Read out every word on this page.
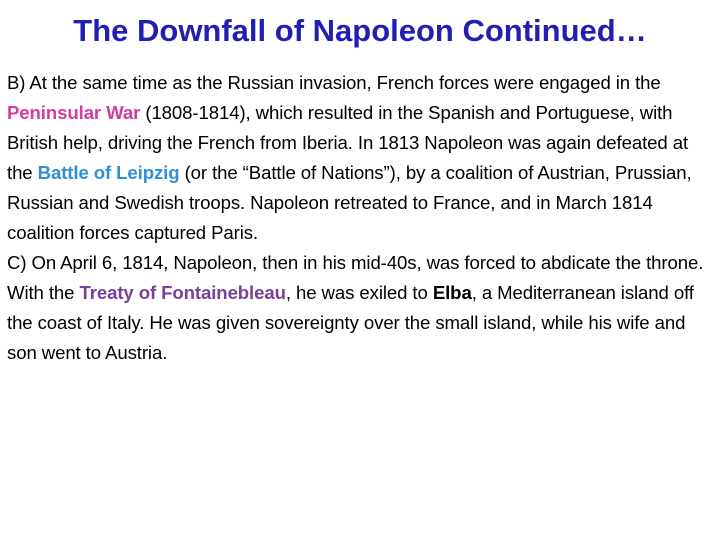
The Downfall of Napoleon Continued…

B) At the same time as the Russian invasion, French forces were engaged in the Peninsular War (1808-1814), which resulted in the Spanish and Portuguese, with British help, driving the French from Iberia. In 1813 Napoleon was again defeated at the Battle of Leipzig (or the “Battle of Nations”), by a coalition of Austrian, Prussian, Russian and Swedish troops. Napoleon retreated to France, and in March 1814 coalition forces captured Paris.

C) On April 6, 1814, Napoleon, then in his mid-40s, was forced to abdicate the throne. With the Treaty of Fontainebleau, he was exiled to Elba, a Mediterranean island off the coast of Italy. He was given sovereignty over the small island, while his wife and son went to Austria.
